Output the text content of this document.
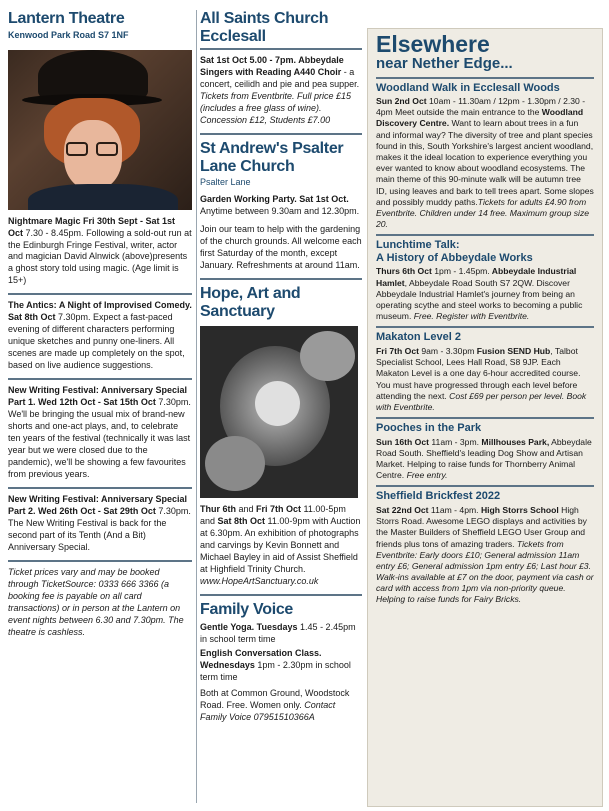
Lantern Theatre
Kenwood Park Road S7 1NF
Nightmare Magic Fri 30th Sept - Sat 1st Oct 7.30 - 8.45pm. Following a sold-out run at the Edinburgh Fringe Festival, writer, actor and magician David Alnwick (above)presents a ghost story told using magic. (Age limit is 15+)
The Antics: A Night of Improvised Comedy. Sat 8th Oct 7.30pm. Expect a fast-paced evening of different characters performing unique sketches and punny one-liners. All scenes are made up completely on the spot, based on live audience suggestions.
New Writing Festival: Anniversary Special Part 1. Wed 12th Oct - Sat 15th Oct 7.30pm. We'll be bringing the usual mix of brand-new shorts and one-act plays, and, to celebrate ten years of the festival (technically it was last year but we were closed due to the pandemic), we'll be showing a few favourites from previous years.
New Writing Festival: Anniversary Special Part 2. Wed 26th Oct - Sat 29th Oct 7.30pm. The New Writing Festival is back for the second part of its Tenth (And a Bit) Anniversary Special.
Ticket prices vary and may be booked through TicketSource: 0333 666 3366 (a booking fee is payable on all card transactions) or in person at the Lantern on event nights between 6.30 and 7.30pm. The theatre is cashless.
All Saints Church Ecclesall
Sat 1st Oct 5.00 - 7pm. Abbeydale Singers with Reading A440 Choir - a concert, ceilidh and pie and pea supper. Tickets from Eventbrite. Full price £15 (includes a free glass of wine). Concession £12, Students £7.00
St Andrew's Psalter Lane Church
Psalter Lane
Garden Working Party. Sat 1st Oct. Anytime between 9.30am and 12.30pm.
Join our team to help with the gardening of the church grounds. All welcome each first Saturday of the month, except January. Refreshments at around 11am.
Hope, Art and Sanctuary
Thur 6th and Fri 7th Oct 11.00-5pm and Sat 8th Oct 11.00-9pm with Auction at 6.30pm. An exhibition of photographs and carvings by Kevin Bonnett and Michael Bayley in aid of Assist Sheffield at Highfield Trinity Church. www.HopeArtSanctuary.co.uk
Family Voice
Gentle Yoga. Tuesdays 1.45 - 2.45pm in school term time
English Conversation Class. Wednesdays 1pm - 2.30pm in school term time
Both at Common Ground, Woodstock Road. Free. Women only. Contact Family Voice 07951510366A
Elsewhere
near Nether Edge...
Woodland Walk in Ecclesall Woods

Sun 2nd Oct 10am - 11.30am / 12pm - 1.30pm / 2.30 - 4pm Meet outside the main entrance to the Woodland Discovery Centre. Want to learn about trees in a fun and informal way? The diversity of tree and plant species found in this, South Yorkshire's largest ancient woodland, makes it the ideal location to experience everything you ever wanted to know about woodland ecosystems. The main theme of this 90-minute walk will be autumn tree ID, using leaves and bark to tell trees apart. Some slopes and possibly muddy paths.Tickets for adults £4.90 from Eventbrite. Children under 14 free. Maximum group size 20.

Lunchtime Talk:
A History of Abbeydale Works

Thurs 6th Oct 1pm - 1.45pm. Abbeydale Industrial Hamlet, Abbeydale Road South S7 2QW. Discover Abbeydale Industrial Hamlet's journey from being an operating scythe and steel works to becoming a public museum. Free. Register with Eventbrite.

Makaton Level 2

Fri 7th Oct 9am - 3.30pm Fusion SEND Hub, Talbot Specialist School, Lees Hall Road, S8 9JP. Each Makaton Level is a one day 6-hour accredited course. You must have progressed through each level before attending the next. Cost £69 per person per level. Book with Eventbrite.

Pooches in the Park

Sun 16th Oct 11am - 3pm. Millhouses Park, Abbeydale Road South. Sheffield's leading Dog Show and Artisan Market. Helping to raise funds for Thornberry Animal Centre. Free entry.

Sheffield Brickfest 2022

Sat 22nd Oct 11am - 4pm. High Storrs School High Storrs Road. Awesome LEGO displays and activities by the Master Builders of Sheffield LEGO User Group and friends plus tons of amazing traders. Tickets from Eventbrite: Early doors £10; General admission 11am entry £6; General admission 1pm entry £6; Last hour £3. Walk-ins available at £7 on the door, payment via cash or card with access from 1pm via non-priority queue. Helping to raise funds for Fairy Bricks.
